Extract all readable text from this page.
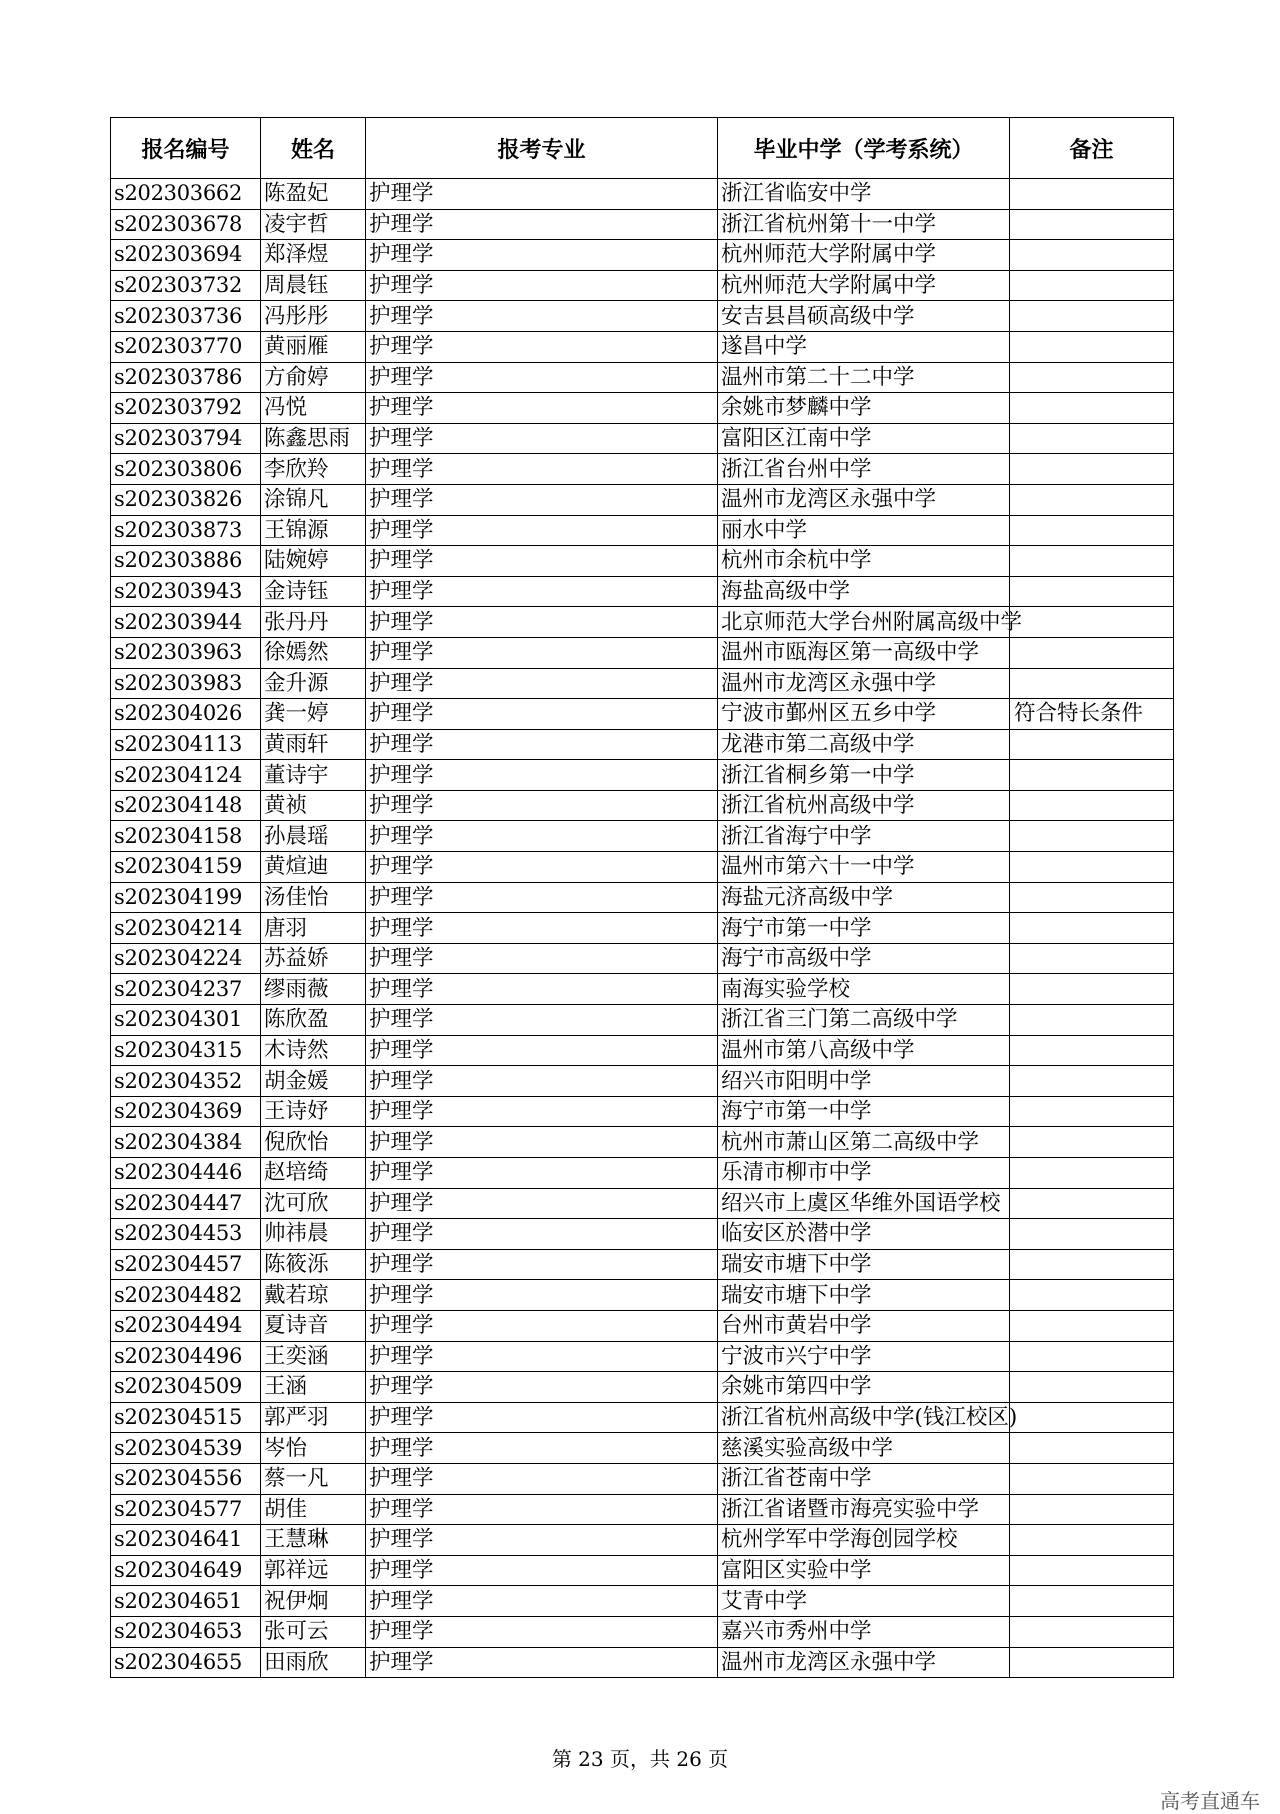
报名编号	姓名	报考专业	毕业中学（学考系统）	备注
s202303662	陈盈妃	护理学	浙江省临安中学	
s202303678	凌宇哲	护理学	浙江省杭州第十一中学	
s202303694	郑泽煜	护理学	杭州师范大学附属中学	
s202303732	周晨钰	护理学	杭州师范大学附属中学	
s202303736	冯彤彤	护理学	安吉县昌硕高级中学	
s202303770	黄丽雁	护理学	遂昌中学	
s202303786	方俞婷	护理学	温州市第二十二中学	
s202303792	冯悦	护理学	余姚市梦麟中学	
s202303794	陈鑫思雨	护理学	富阳区江南中学	
s202303806	李欣羚	护理学	浙江省台州中学	
s202303826	涂锦凡	护理学	温州市龙湾区永强中学	
s202303873	王锦源	护理学	丽水中学	
s202303886	陆婉婷	护理学	杭州市余杭中学	
s202303943	金诗钰	护理学	海盐高级中学	
s202303944	张丹丹	护理学	北京师范大学台州附属高级中学	
s202303963	徐嫣然	护理学	温州市瓯海区第一高级中学	
s202303983	金升源	护理学	温州市龙湾区永强中学	
s202304026	龚一婷	护理学	宁波市鄞州区五乡中学	符合特长条件
s202304113	黄雨轩	护理学	龙港市第二高级中学	
s202304124	董诗宇	护理学	浙江省桐乡第一中学	
s202304148	黄祯	护理学	浙江省杭州高级中学	
s202304158	孙晨瑶	护理学	浙江省海宁中学	
s202304159	黄煊迪	护理学	温州市第六十一中学	
s202304199	汤佳怡	护理学	海盐元济高级中学	
s202304214	唐羽	护理学	海宁市第一中学	
s202304224	苏益娇	护理学	海宁市高级中学	
s202304237	缪雨薇	护理学	南海实验学校	
s202304301	陈欣盈	护理学	浙江省三门第二高级中学	
s202304315	木诗然	护理学	温州市第八高级中学	
s202304352	胡金媛	护理学	绍兴市阳明中学	
s202304369	王诗妤	护理学	海宁市第一中学	
s202304384	倪欣怡	护理学	杭州市萧山区第二高级中学	
s202304446	赵培绮	护理学	乐清市柳市中学	
s202304447	沈可欣	护理学	绍兴市上虞区华维外国语学校	
s202304453	帅祎晨	护理学	临安区於潜中学	
s202304457	陈筱泺	护理学	瑞安市塘下中学	
s202304482	戴若琼	护理学	瑞安市塘下中学	
s202304494	夏诗音	护理学	台州市黄岩中学	
s202304496	王奕涵	护理学	宁波市兴宁中学	
s202304509	王涵	护理学	余姚市第四中学	
s202304515	郭严羽	护理学	浙江省杭州高级中学(钱江校区)	
s202304539	岑怡	护理学	慈溪实验高级中学	
s202304556	蔡一凡	护理学	浙江省苍南中学	
s202304577	胡佳	护理学	浙江省诸暨市海亮实验中学	
s202304641	王慧琳	护理学	杭州学军中学海创园学校	
s202304649	郭祥远	护理学	富阳区实验中学	
s202304651	祝伊炯	护理学	艾青中学	
s202304653	张可云	护理学	嘉兴市秀州中学	
s202304655	田雨欣	护理学	温州市龙湾区永强中学	
第 23 页，共 26 页
高考直通车
